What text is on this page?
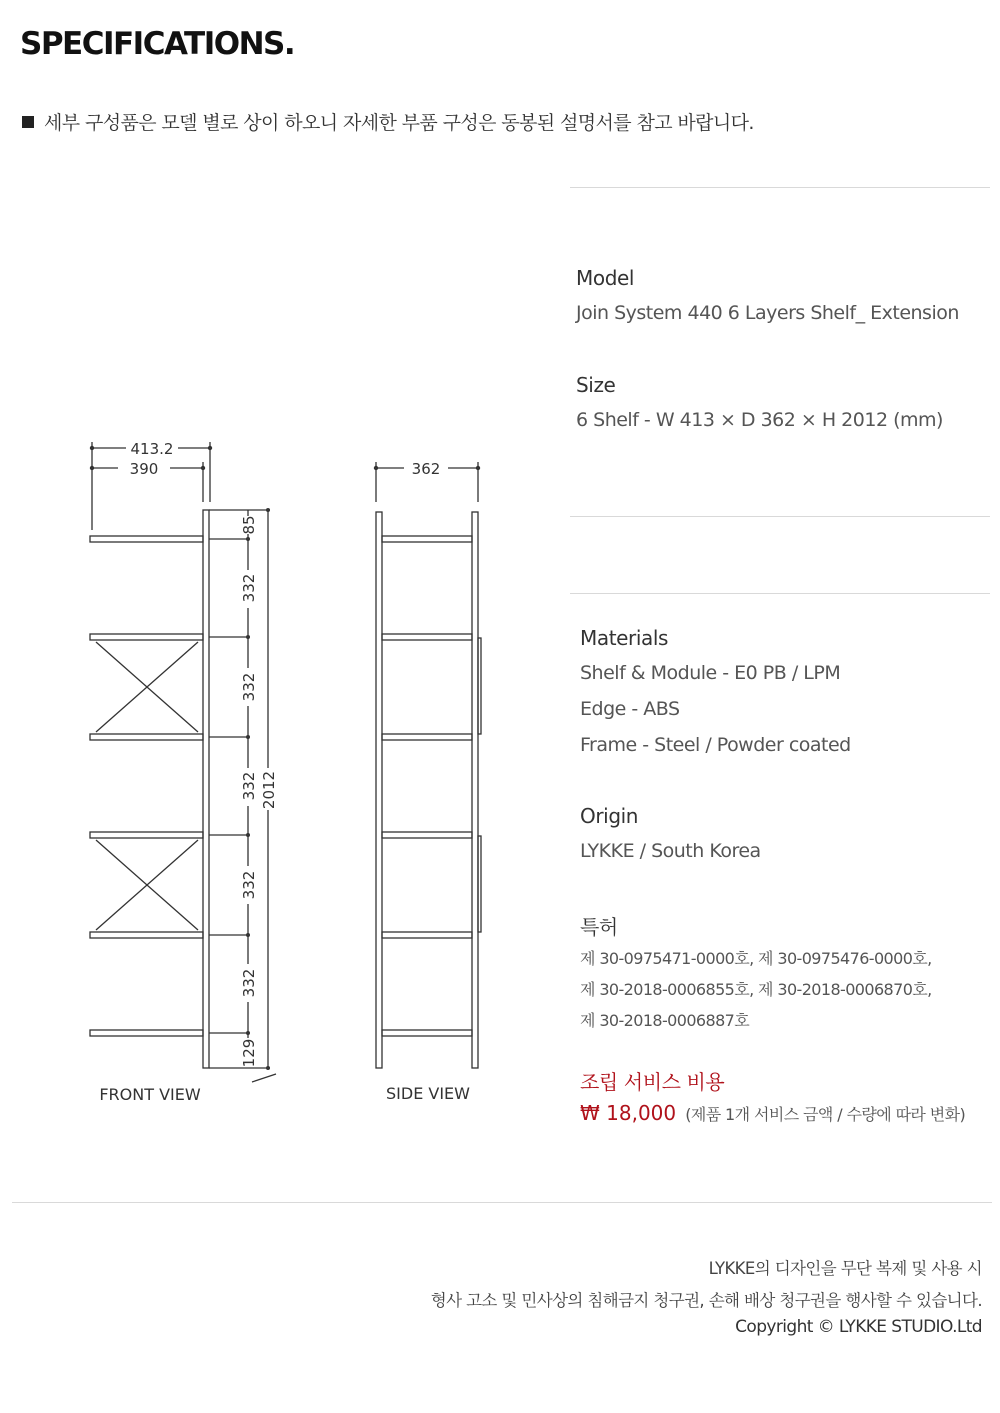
SPECIFICATIONS.
세부 구성품은 모델 별로 상이 하오니 자세한 부품 구성은 동봉된 설명서를 참고 바랍니다.
Model
Join System 440 6 Layers Shelf_ Extension
Size
6 Shelf - W 413 × D 362 × H 2012 (mm)
Materials
Shelf & Module - E0 PB / LPM
Edge - ABS
Frame - Steel / Powder coated
Origin
LYKKE / South Korea
특허
제 30-0975471-0000호, 제 30-0975476-0000호,
제 30-2018-0006855호, 제 30-2018-0006870호,
제 30-2018-0006887호
조립 서비스 비용
₩ 18,000 (제품 1개 서비스 금액 / 수량에 따라 변화)
413.2
390
85
332
332
332
332
332
129
2012
FRONT VIEW
362
SIDE VIEW
LYKKE의 디자인을 무단 복제 및 사용 시
형사 고소 및 민사상의 침해금지 청구권, 손해 배상 청구권을 행사할 수 있습니다.
Copyright © LYKKE STUDIO.Ltd
